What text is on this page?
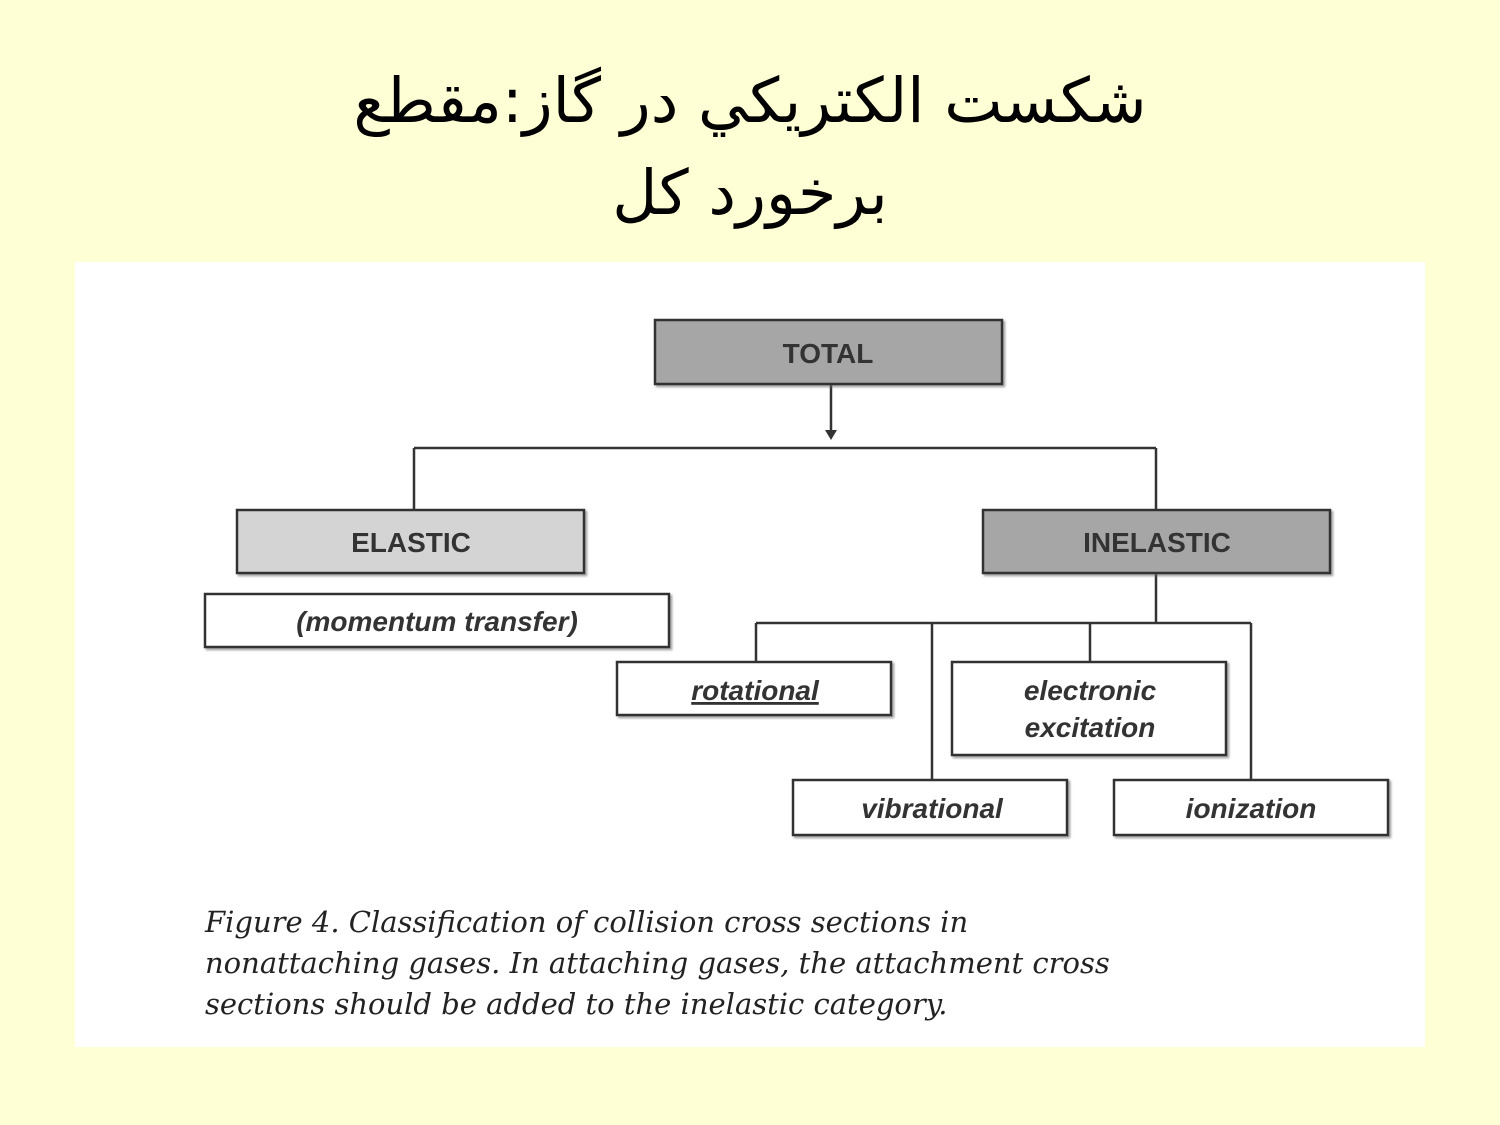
شکست الکتريکي در گاز:مقطع
برخورد کل
TOTAL
ELASTIC	INELASTIC
(momentum transfer)
rotational	electronic
excitation
vibrational	ionization
Figure 4. Classification of collision cross sections in
nonattaching gases. In attaching gases, the attachment cross
sections should be added to the inelastic category.
